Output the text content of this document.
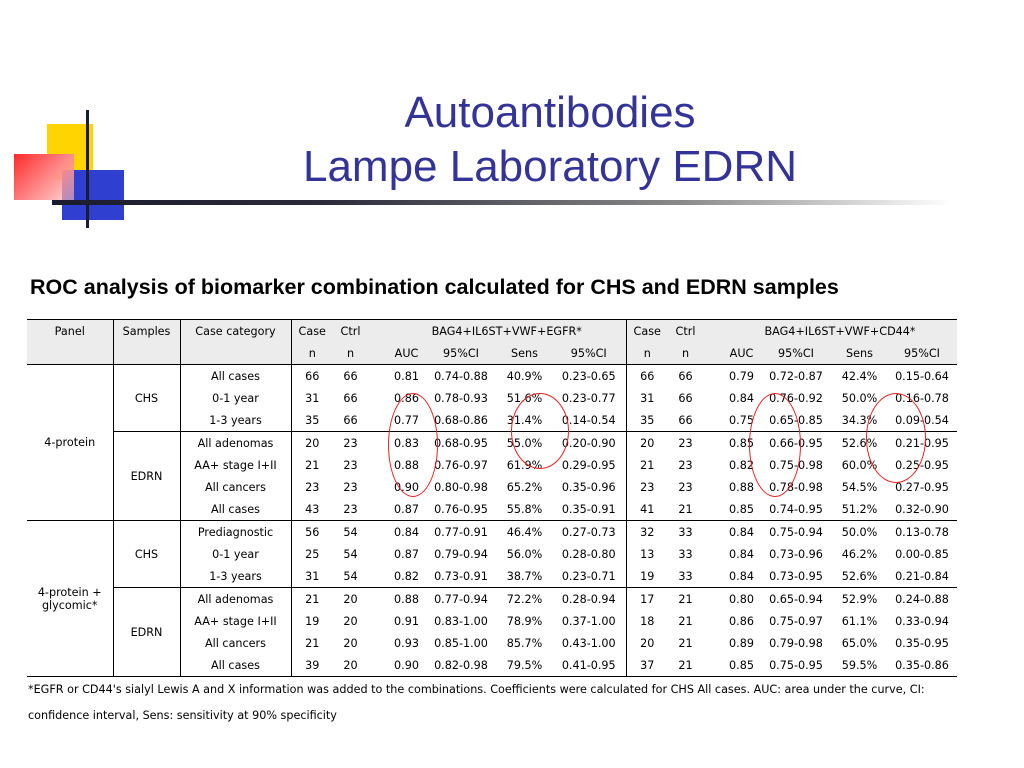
Autoantibodies
Lampe Laboratory EDRN
ROC analysis of biomarker combination calculated for CHS and EDRN samples
Panel	Samples	Case category	Case	Ctrl		BAG4+IL6ST+VWF+EGFR*				Case	Ctrl		BAG4+IL6ST+VWF+CD44*			
			n	n		AUC	95%CI	Sens	95%CI	n	n		AUC	95%CI	Sens	95%CI
4-protein	CHS	All cases	66	66		0.81	0.74-0.88	40.9%	0.23-0.65	66	66		0.79	0.72-0.87	42.4%	0.15-0.64
		0-1 year	31	66		0.86	0.78-0.93	51.6%	0.23-0.77	31	66		0.84	0.76-0.92	50.0%	0.16-0.78
		1-3 years	35	66		0.77	0.68-0.86	31.4%	0.14-0.54	35	66		0.75	0.65-0.85	34.3%	0.09-0.54
	EDRN	All adenomas	20	23		0.83	0.68-0.95	55.0%	0.20-0.90	20	23		0.85	0.66-0.95	52.6%	0.21-0.95
		AA+ stage I+II	21	23		0.88	0.76-0.97	61.9%	0.29-0.95	21	23		0.82	0.75-0.98	60.0%	0.25-0.95
		All cancers	23	23		0.90	0.80-0.98	65.2%	0.35-0.96	23	23		0.88	0.78-0.98	54.5%	0.27-0.95
		All cases	43	23		0.87	0.76-0.95	55.8%	0.35-0.91	41	21		0.85	0.74-0.95	51.2%	0.32-0.90
4-protein + glycomic*	CHS	Prediagnostic	56	54		0.84	0.77-0.91	46.4%	0.27-0.73	32	33		0.84	0.75-0.94	50.0%	0.13-0.78
		0-1 year	25	54		0.87	0.79-0.94	56.0%	0.28-0.80	13	33		0.84	0.73-0.96	46.2%	0.00-0.85
		1-3 years	31	54		0.82	0.73-0.91	38.7%	0.23-0.71	19	33		0.84	0.73-0.95	52.6%	0.21-0.84
	EDRN	All adenomas	21	20		0.88	0.77-0.94	72.2%	0.28-0.94	17	21		0.80	0.65-0.94	52.9%	0.24-0.88
		AA+ stage I+II	19	20		0.91	0.83-1.00	78.9%	0.37-1.00	18	21		0.86	0.75-0.97	61.1%	0.33-0.94
		All cancers	21	20		0.93	0.85-1.00	85.7%	0.43-1.00	20	21		0.89	0.79-0.98	65.0%	0.35-0.95
		All cases	39	20		0.90	0.82-0.98	79.5%	0.41-0.95	37	21		0.85	0.75-0.95	59.5%	0.35-0.86
*EGFR or CD44's sialyl Lewis A and X information was added to the combinations. Coefficients were calculated for CHS All cases. AUC: area under the curve, CI:
confidence interval, Sens: sensitivity at 90% specificity
